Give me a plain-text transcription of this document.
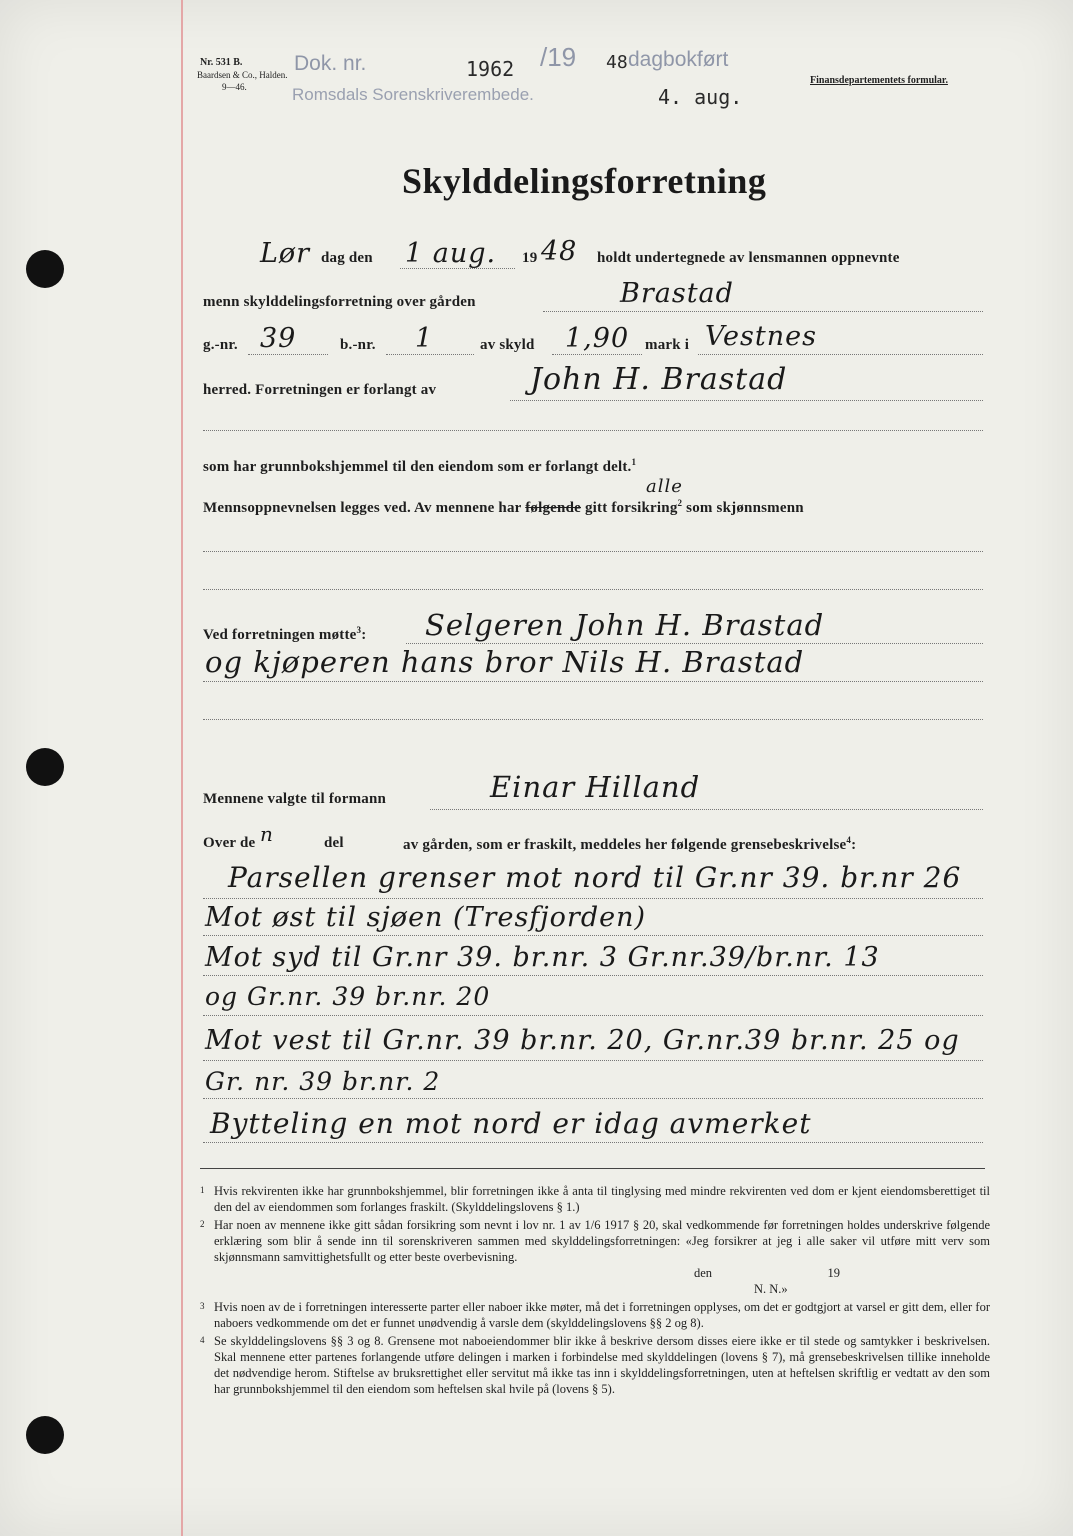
Nr. 531 B.
Baardsen & Co., Halden.
9—46.
Dok. nr.	1962 /19 48 dagbokført
Romsdals Sorenskriverembede.	4. aug.
Finansdepartementets formular.
Skylddelingsforretning
Lør dag den 1 aug. 19 48 holdt undertegnede av lensmannen oppnevnte
menn skylddelingsforretning over gården	Brastad
g.-nr. 39	b.-nr. 1	av skyld 1,90 mark i Vestnes
herred. Forretningen er forlangt av	John H. Brastad
som har grunnbokshjemmel til den eiendom som er forlangt delt.$^1$
alle
Mennsoppnevnelsen legges ved. Av mennene har følgende gitt forsikring$^2$ som skjønnsmenn
Ved forretningen møtte$^3$: Selgeren John H. Brastad
og kjøperen hans bror Nils H. Brastad
Mennene valgte til formann	Einar Hilland
Over de n	del	av gården, som er fraskilt, meddeles her følgende grensebeskrivelse$^4$:
Parsellen grenser mot nord til Gr.nr 39. br.nr 26
Mot øst til sjøen (Tresfjorden)
Mot syd til Gr.nr 39. br.nr. 3 Gr.nr.39/br.nr. 13
og Gr.nr. 39 br.nr. 20
Mot vest til Gr.nr. 39 br.nr. 20, Gr.nr.39 br.nr. 25 og
Gr. nr. 39 br.nr. 2
Bytteling en mot nord er idag avmerket
1 Hvis rekvirenten ikke har grunnbokshjemmel, blir forretningen ikke å anta til tinglysing med mindre rekvirenten ved dom er kjent eiendomsberettiget til den del av eiendommen som forlanges fraskilt. (Skylddelingslovens § 1.)
2 Har noen av mennene ikke gitt sådan forsikring som nevnt i lov nr. 1 av 1/6 1917 § 20, skal vedkommende før forretningen holdes underskrive følgende erklæring som blir å sende inn til sorenskriveren sammen med skylddelingsforretningen: «Jeg forsikrer at jeg i alle saker vil utføre mitt verv som skjønnsmann samvittighetsfullt og etter beste overbevisning.
den	19
N. N.»
3 Hvis noen av de i forretningen interesserte parter eller naboer ikke møter, må det i forretningen opplyses, om det er godtgjort at varsel er gitt dem, eller for naboers vedkommende om det er funnet unødvendig å varsle dem (skylddelingslovens §§ 2 og 8).
4 Se skylddelingslovens §§ 3 og 8. Grensene mot naboeiendommer blir ikke å beskrive dersom disses eiere ikke er til stede og samtykker i beskrivelsen. Skal mennene etter partenes forlangende utføre delingen i marken i forbindelse med skylddelingen (lovens § 7), må grensebeskrivelsen tillike inneholde det nødvendige herom. Stiftelse av bruksrettighet eller servitut må ikke tas inn i skylddelingsforretningen, uten at heftelsen skriftlig er vedtatt av den som har grunnbokshjemmel til den eiendom som heftelsen skal hvile på (lovens § 5).
